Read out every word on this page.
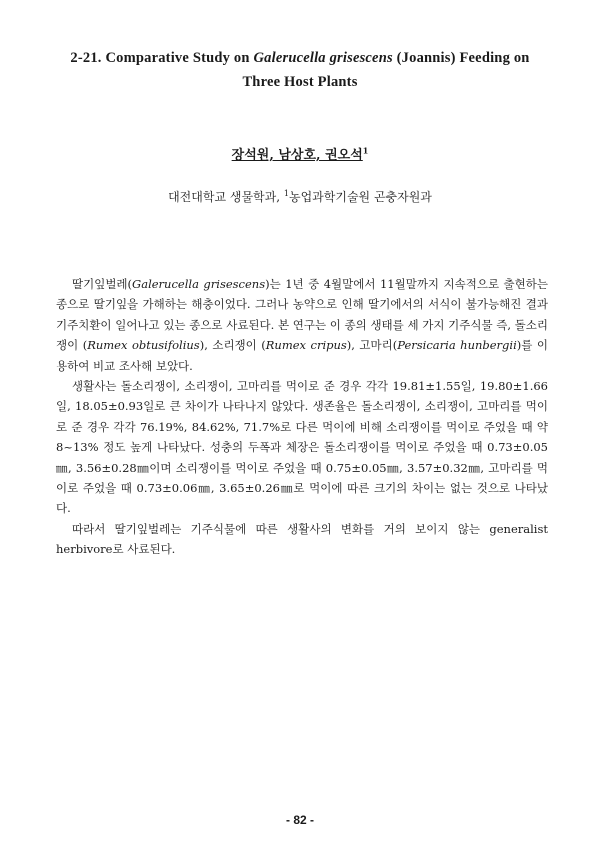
2-21. Comparative Study on Galerucella grisescens (Joannis) Feeding on
Three Host Plants
장석원, 남상호, 권오석$^1$
대전대학교 생물학과, $^1$농업과학기술원 곤충자원과

딸기잎벌레(Galerucella grisescens)는 1년 중 4월말에서 11월말까지 지속적으로 출현하는 종으로 딸기잎을 가해하는 해충이었다. 그러나 농약으로 인해 딸기에서의 서식이 불가능해진 결과 기주치환이 일어나고 있는 종으로 사료된다. 본 연구는 이 종의 생태를 세 가지 기주식물 즉, 돌소리쟁이 (Rumex obtusifolius), 소리쟁이 (Rumex cripus), 고마리(Persicaria hunbergii)를 이용하여 비교 조사해 보았다.

생활사는 돌소리쟁이, 소리쟁이, 고마리를 먹이로 준 경우 각각 19.81±1.55일, 19.80±1.66일, 18.05±0.93일로 큰 차이가 나타나지 않았다. 생존율은 돌소리쟁이, 소리쟁이, 고마리를 먹이로 준 경우 각각 76.19%, 84.62%, 71.7%로 다른 먹이에 비해 소리쟁이를 먹이로 주었을 때 약 8~13% 정도 높게 나타났다. 성충의 두폭과 체장은 돌소리쟁이를 먹이로 주었을 때 0.73±0.05㎜, 3.56±0.28㎜이며 소리쟁이를 먹이로 주었을 때 0.75±0.05㎜, 3.57±0.32㎜, 고마리를 먹이로 주었을 때 0.73±0.06㎜, 3.65±0.26㎜로 먹이에 따른 크기의 차이는 없는 것으로 나타났다.

따라서 딸기잎벌레는 기주식물에 따른 생활사의 변화를 거의 보이지 않는 generalist herbivore로 사료된다.

- 82 -
